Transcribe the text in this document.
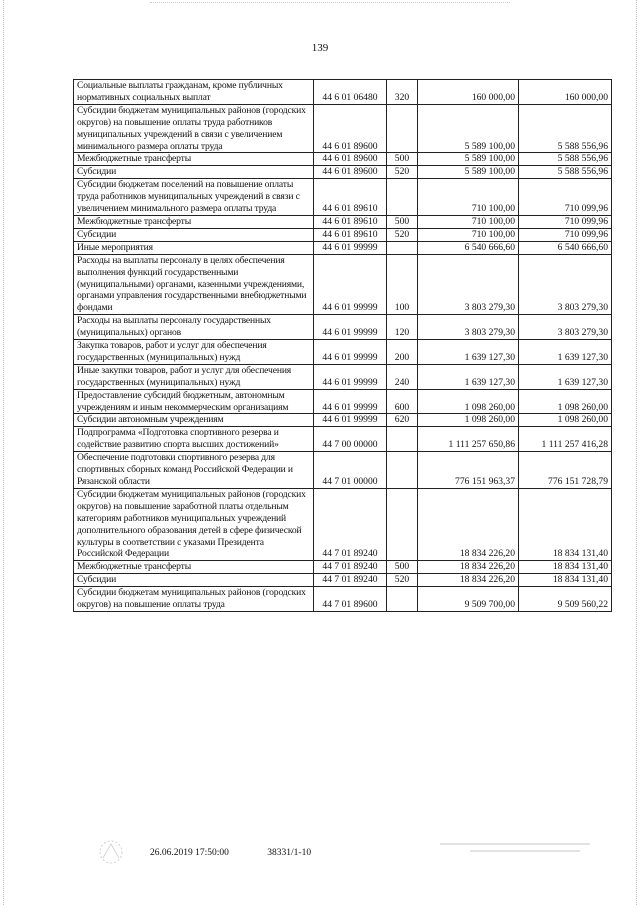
139
Социальные выплаты гражданам, кроме публичных нормативных социальных выплат	44 6 01 06480	320	160 000,00	160 000,00
Субсидии бюджетам муниципальных районов (городских округов) на повышение оплаты труда работников муниципальных учреждений в связи с увеличением минимального размера оплаты труда	44 6 01 89600		5 589 100,00	5 588 556,96
Межбюджетные трансферты	44 6 01 89600	500	5 589 100,00	5 588 556,96
Субсидии	44 6 01 89600	520	5 589 100,00	5 588 556,96
Субсидии бюджетам поселений на повышение оплаты труда работников муниципальных учреждений в связи с увеличением минимального размера оплаты труда	44 6 01 89610		710 100,00	710 099,96
Межбюджетные трансферты	44 6 01 89610	500	710 100,00	710 099,96
Субсидии	44 6 01 89610	520	710 100,00	710 099,96
Иные мероприятия	44 6 01 99999		6 540 666,60	6 540 666,60
Расходы на выплаты персоналу в целях обеспечения выполнения функций государственными (муниципальными) органами, казенными учреждениями, органами управления государственными внебюджетными фондами	44 6 01 99999	100	3 803 279,30	3 803 279,30
Расходы на выплаты персоналу государственных (муниципальных) органов	44 6 01 99999	120	3 803 279,30	3 803 279,30
Закупка товаров, работ и услуг для обеспечения государственных (муниципальных) нужд	44 6 01 99999	200	1 639 127,30	1 639 127,30
Иные закупки товаров, работ и услуг для обеспечения государственных (муниципальных) нужд	44 6 01 99999	240	1 639 127,30	1 639 127,30
Предоставление субсидий бюджетным, автономным учреждениям и иным некоммерческим организациям	44 6 01 99999	600	1 098 260,00	1 098 260,00
Субсидии автономным учреждениям	44 6 01 99999	620	1 098 260,00	1 098 260,00
Подпрограмма «Подготовка спортивного резерва и содействие развитию спорта высших достижений»	44 7 00 00000		1 111 257 650,86	1 111 257 416,28
Обеспечение подготовки спортивного резерва для спортивных сборных команд Российской Федерации и Рязанской области	44 7 01 00000		776 151 963,37	776 151 728,79
Субсидии бюджетам муниципальных районов (городских округов) на повышение заработной платы отдельным категориям работников муниципальных учреждений дополнительного образования детей в сфере физической культуры в соответствии с указами Президента Российской Федерации	44 7 01 89240		18 834 226,20	18 834 131,40
Межбюджетные трансферты	44 7 01 89240	500	18 834 226,20	18 834 131,40
Субсидии	44 7 01 89240	520	18 834 226,20	18 834 131,40
Субсидии бюджетам муниципальных районов (городских округов) на повышение оплаты труда	44 7 01 89600		9 509 700,00	9 509 560,22
26.06.2019 17:50:00	38331/1-10
